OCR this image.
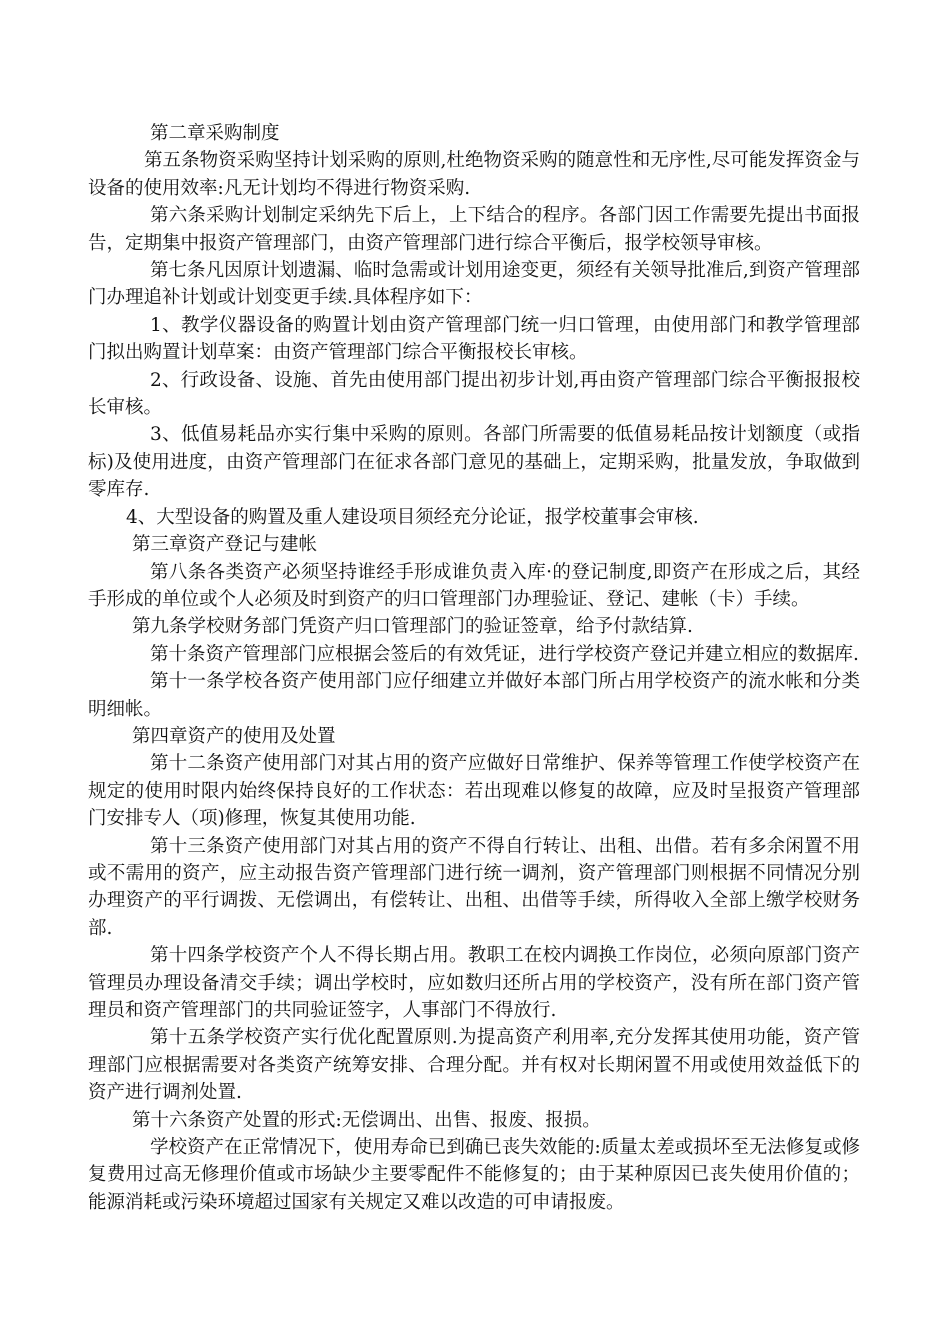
第二章采购制度

第五条物资采购坚持计划采购的原则,杜绝物资采购的随意性和无序性,尽可能发挥资金与设备的使用效率:凡无计划均不得进行物资采购.

第六条采购计划制定采纳先下后上，上下结合的程序。各部门因工作需要先提出书面报告，定期集中报资产管理部门，由资产管理部门进行综合平衡后，报学校领导审核。

第七条凡因原计划遗漏、临时急需或计划用途变更，须经有关领导批准后,到资产管理部门办理追补计划或计划变更手续.具体程序如下：

1、教学仪器设备的购置计划由资产管理部门统一归口管理，由使用部门和教学管理部门拟出购置计划草案：由资产管理部门综合平衡报校长审核。

2、行政设备、设施、首先由使用部门提出初步计划,再由资产管理部门综合平衡报报校长审核。

3、低值易耗品亦实行集中采购的原则。各部门所需要的低值易耗品按计划额度（或指标)及使用进度，由资产管理部门在征求各部门意见的基础上，定期采购，批量发放，争取做到零库存.

4、大型设备的购置及重人建设项目须经充分论证，报学校董事会审核.

第三章资产登记与建帐

第八条各类资产必须坚持谁经手形成谁负责入库·的登记制度,即资产在形成之后，其经手形成的单位或个人必须及时到资产的归口管理部门办理验证、登记、建帐（卡）手续。

第九条学校财务部门凭资产归口管理部门的验证签章，给予付款结算.

第十条资产管理部门应根据会签后的有效凭证，进行学校资产登记并建立相应的数据库.

第十一条学校各资产使用部门应仔细建立并做好本部门所占用学校资产的流水帐和分类明细帐。

第四章资产的使用及处置

第十二条资产使用部门对其占用的资产应做好日常维护、保养等管理工作使学校资产在规定的使用时限内始终保持良好的工作状态：若出现难以修复的故障，应及时呈报资产管理部门安排专人（项)修理，恢复其使用功能.

第十三条资产使用部门对其占用的资产不得自行转让、出租、出借。若有多余闲置不用或不需用的资产，应主动报告资产管理部门进行统一调剂，资产管理部门则根据不同情况分别办理资产的平行调拨、无偿调出，有偿转让、出租、出借等手续，所得收入全部上缴学校财务部.

第十四条学校资产个人不得长期占用。教职工在校内调换工作岗位，必须向原部门资产管理员办理设备清交手续；调出学校时，应如数归还所占用的学校资产，没有所在部门资产管理员和资产管理部门的共同验证签字，人事部门不得放行.

第十五条学校资产实行优化配置原则.为提高资产利用率,充分发挥其使用功能，资产管理部门应根据需要对各类资产统筹安排、合理分配。并有权对长期闲置不用或使用效益低下的资产进行调剂处置.

第十六条资产处置的形式:无偿调出、出售、报废、报损。

学校资产在正常情况下，使用寿命已到确已丧失效能的:质量太差或损坏至无法修复或修复费用过高无修理价值或市场缺少主要零配件不能修复的；由于某种原因已丧失使用价值的；能源消耗或污染环境超过国家有关规定又难以改造的可申请报废。
